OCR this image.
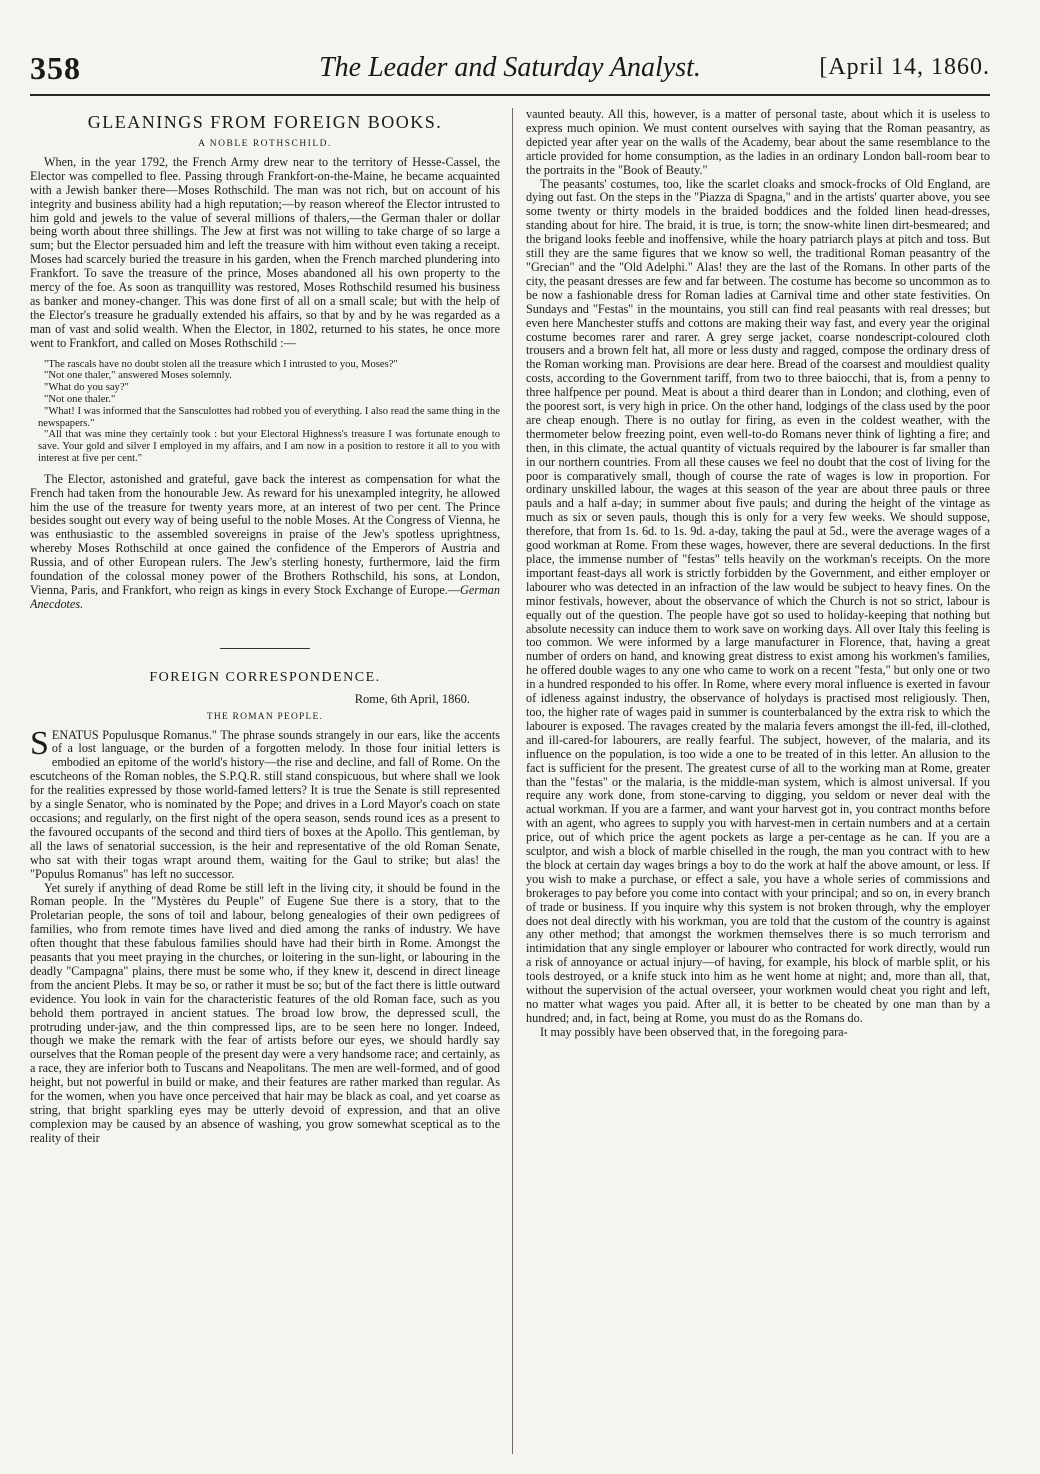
358	The Leader and Saturday Analyst.	[April 14, 1860.
GLEANINGS FROM FOREIGN BOOKS.
A NOBLE ROTHSCHILD.

When, in the year 1792, the French Army drew near to the territory of Hesse-Cassel, the Elector was compelled to flee. Passing through Frankfort-on-the-Maine, he became acquainted with a Jewish banker there—Moses Rothschild. The man was not rich, but on account of his integrity and business ability had a high reputation;—by reason whereof the Elector intrusted to him gold and jewels to the value of several millions of thalers,—the German thaler or dollar being worth about three shillings. The Jew at first was not willing to take charge of so large a sum; but the Elector persuaded him and left the treasure with him without even taking a receipt. Moses had scarcely buried the treasure in his garden, when the French marched plundering into Frankfort. To save the treasure of the prince, Moses abandoned all his own property to the mercy of the foe. As soon as tranquillity was restored, Moses Rothschild resumed his business as banker and money-changer. This was done first of all on a small scale; but with the help of the Elector's treasure he gradually extended his affairs, so that by and by he was regarded as a man of vast and solid wealth. When the Elector, in 1802, returned to his states, he once more went to Frankfort, and called on Moses Rothschild :—

"The rascals have no doubt stolen all the treasure which I intrusted to you, Moses?"

"Not one thaler," answered Moses solemnly.

"What do you say?"

"Not one thaler."

"What! I was informed that the Sansculottes had robbed you of everything. I also read the same thing in the newspapers."

"All that was mine they certainly took : but your Electoral Highness's treasure I was fortunate enough to save. Your gold and silver I employed in my affairs, and I am now in a position to restore it all to you with interest at five per cent."

The Elector, astonished and grateful, gave back the interest as compensation for what the French had taken from the honourable Jew. As reward for his unexampled integrity, he allowed him the use of the treasure for twenty years more, at an interest of two per cent. The Prince besides sought out every way of being useful to the noble Moses. At the Congress of Vienna, he was enthusiastic to the assembled sovereigns in praise of the Jew's spotless uprightness, whereby Moses Rothschild at once gained the confidence of the Emperors of Austria and Russia, and of other European rulers. The Jew's sterling honesty, furthermore, laid the firm foundation of the colossal money power of the Brothers Rothschild, his sons, at London, Vienna, Paris, and Frankfort, who reign as kings in every Stock Exchange of Europe.—German Anecdotes.

FOREIGN CORRESPONDENCE.
Rome, 6th April, 1860.
THE ROMAN PEOPLE.

SENATUS Populusque Romanus." The phrase sounds strangely in our ears, like the accents of a lost language, or the burden of a forgotten melody. In those four initial letters is embodied an epitome of the world's history—the rise and decline, and fall of Rome. On the escutcheons of the Roman nobles, the S.P.Q.R. still stand conspicuous, but where shall we look for the realities expressed by those world-famed letters? It is true the Senate is still represented by a single Senator, who is nominated by the Pope; and drives in a Lord Mayor's coach on state occasions; and regularly, on the first night of the opera season, sends round ices as a present to the favoured occupants of the second and third tiers of boxes at the Apollo. This gentleman, by all the laws of senatorial succession, is the heir and representative of the old Roman Senate, who sat with their togas wrapt around them, waiting for the Gaul to strike; but alas! the "Populus Romanus" has left no successor.

Yet surely if anything of dead Rome be still left in the living city, it should be found in the Roman people. In the "Mystères du Peuple" of Eugene Sue there is a story, that to the Proletarian people, the sons of toil and labour, belong genealogies of their own pedigrees of families, who from remote times have lived and died among the ranks of industry. We have often thought that these fabulous families should have had their birth in Rome. Amongst the peasants that you meet praying in the churches, or loitering in the sun-light, or labouring in the deadly "Campagna" plains, there must be some who, if they knew it, descend in direct lineage from the ancient Plebs. It may be so, or rather it must be so; but of the fact there is little outward evidence. You look in vain for the characteristic features of the old Roman face, such as you behold them portrayed in ancient statues. The broad low brow, the depressed scull, the protruding under-jaw, and the thin compressed lips, are to be seen here no longer. Indeed, though we make the remark with the fear of artists before our eyes, we should hardly say ourselves that the Roman people of the present day were a very handsome race; and certainly, as a race, they are inferior both to Tuscans and Neapolitans. The men are well-formed, and of good height, but not powerful in build or make, and their features are rather marked than regular. As for the women, when you have once perceived that hair may be black as coal, and yet coarse as string, that bright sparkling eyes may be utterly devoid of expression, and that an olive complexion may be caused by an absence of washing, you grow somewhat sceptical as to the reality of their

vaunted beauty. All this, however, is a matter of personal taste, about which it is useless to express much opinion. We must content ourselves with saying that the Roman peasantry, as depicted year after year on the walls of the Academy, bear about the same resemblance to the article provided for home consumption, as the ladies in an ordinary London ball-room bear to the portraits in the "Book of Beauty."

The peasants' costumes, too, like the scarlet cloaks and smock-frocks of Old England, are dying out fast. On the steps in the "Piazza di Spagna," and in the artists' quarter above, you see some twenty or thirty models in the braided boddices and the folded linen head-dresses, standing about for hire. The braid, it is true, is torn; the snow-white linen dirt-besmeared; and the brigand looks feeble and inoffensive, while the hoary patriarch plays at pitch and toss. But still they are the same figures that we know so well, the traditional Roman peasantry of the "Grecian" and the "Old Adelphi." Alas! they are the last of the Romans. In other parts of the city, the peasant dresses are few and far between. The costume has become so uncommon as to be now a fashionable dress for Roman ladies at Carnival time and other state festivities. On Sundays and "Festas" in the mountains, you still can find real peasants with real dresses; but even here Manchester stuffs and cottons are making their way fast, and every year the original costume becomes rarer and rarer. A grey serge jacket, coarse nondescript-coloured cloth trousers and a brown felt hat, all more or less dusty and ragged, compose the ordinary dress of the Roman working man. Provisions are dear here. Bread of the coarsest and mouldiest quality costs, according to the Government tariff, from two to three baiocchi, that is, from a penny to three halfpence per pound. Meat is about a third dearer than in London; and clothing, even of the poorest sort, is very high in price. On the other hand, lodgings of the class used by the poor are cheap enough. There is no outlay for firing, as even in the coldest weather, with the thermometer below freezing point, even well-to-do Romans never think of lighting a fire; and then, in this climate, the actual quantity of victuals required by the labourer is far smaller than in our northern countries. From all these causes we feel no doubt that the cost of living for the poor is comparatively small, though of course the rate of wages is low in proportion. For ordinary unskilled labour, the wages at this season of the year are about three pauls or three pauls and a half a-day; in summer about five pauls; and during the height of the vintage as much as six or seven pauls, though this is only for a very few weeks. We should suppose, therefore, that from 1s. 6d. to 1s. 9d. a-day, taking the paul at 5d., were the average wages of a good workman at Rome. From these wages, however, there are several deductions. In the first place, the immense number of "festas" tells heavily on the workman's receipts. On the more important feast-days all work is strictly forbidden by the Government, and either employer or labourer who was detected in an infraction of the law would be subject to heavy fines. On the minor festivals, however, about the observance of which the Church is not so strict, labour is equally out of the question. The people have got so used to holiday-keeping that nothing but absolute necessity can induce them to work save on working days. All over Italy this feeling is too common. We were informed by a large manufacturer in Florence, that, having a great number of orders on hand, and knowing great distress to exist among his workmen's families, he offered double wages to any one who came to work on a recent "festa," but only one or two in a hundred responded to his offer. In Rome, where every moral influence is exerted in favour of idleness against industry, the observance of holydays is practised most religiously. Then, too, the higher rate of wages paid in summer is counterbalanced by the extra risk to which the labourer is exposed. The ravages created by the malaria fevers amongst the ill-fed, ill-clothed, and ill-cared-for labourers, are really fearful. The subject, however, of the malaria, and its influence on the population, is too wide a one to be treated of in this letter. An allusion to the fact is sufficient for the present. The greatest curse of all to the working man at Rome, greater than the "festas" or the malaria, is the middle-man system, which is almost universal. If you require any work done, from stone-carving to digging, you seldom or never deal with the actual workman. If you are a farmer, and want your harvest got in, you contract months before with an agent, who agrees to supply you with harvest-men in certain numbers and at a certain price, out of which price the agent pockets as large a per-centage as he can. If you are a sculptor, and wish a block of marble chiselled in the rough, the man you contract with to hew the block at certain day wages brings a boy to do the work at half the above amount, or less. If you wish to make a purchase, or effect a sale, you have a whole series of commissions and brokerages to pay before you come into contact with your principal; and so on, in every branch of trade or business. If you inquire why this system is not broken through, why the employer does not deal directly with his workman, you are told that the custom of the country is against any other method; that amongst the workmen themselves there is so much terrorism and intimidation that any single employer or labourer who contracted for work directly, would run a risk of annoyance or actual injury—of having, for example, his block of marble split, or his tools destroyed, or a knife stuck into him as he went home at night; and, more than all, that, without the supervision of the actual overseer, your workmen would cheat you right and left, no matter what wages you paid. After all, it is better to be cheated by one man than by a hundred; and, in fact, being at Rome, you must do as the Romans do.

It may possibly have been observed that, in the foregoing para-
